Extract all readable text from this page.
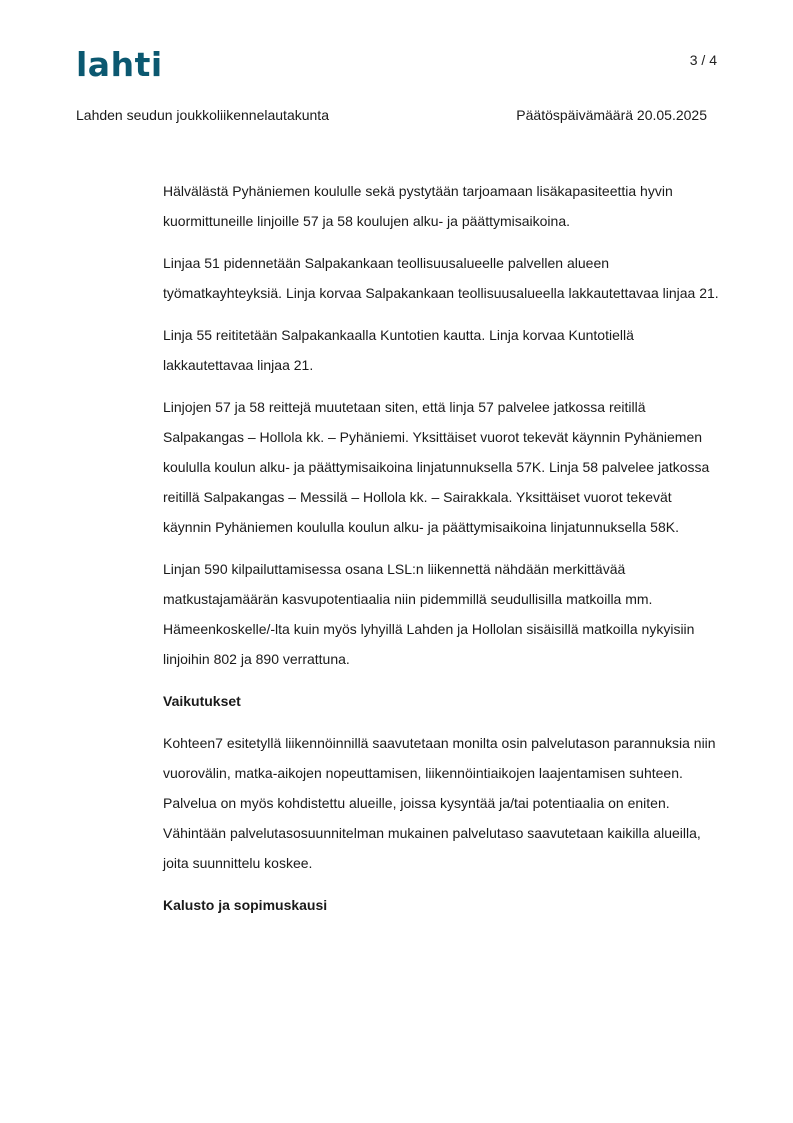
lahti	3 / 4
Lahden seudun joukkoliikennelautakunta	Päätöspäivämäärä 20.05.2025

Hälvälästä Pyhäniemen koululle sekä pystytään tarjoamaan lisäkapasiteettia hyvin kuormittuneille linjoille 57 ja 58 koulujen alku- ja päättymisaikoina.

Linjaa 51 pidennetään Salpakankaan teollisuusalueelle palvellen alueen työmatkayhteyksiä. Linja korvaa Salpakankaan teollisuusalueella lakkautettavaa linjaa 21.

Linja 55 reititetään Salpakankaalla Kuntotien kautta. Linja korvaa Kuntotiellä lakkautettavaa linjaa 21.

Linjojen 57 ja 58 reittejä muutetaan siten, että linja 57 palvelee jatkossa reitillä Salpakangas – Hollola kk. – Pyhäniemi. Yksittäiset vuorot tekevät käynnin Pyhäniemen koululla koulun alku- ja päättymisaikoina linjatunnuksella 57K. Linja 58 palvelee jatkossa reitillä Salpakangas – Messilä – Hollola kk. – Sairakkala. Yksittäiset vuorot tekevät käynnin Pyhäniemen koululla koulun alku- ja päättymisaikoina linjatunnuksella 58K.

Linjan 590 kilpailuttamisessa osana LSL:n liikennettä nähdään merkittävää matkustajamäärän kasvupotentiaalia niin pidemmillä seudullisilla matkoilla mm. Hämeenkoskelle/-lta kuin myös lyhyillä Lahden ja Hollolan sisäisillä matkoilla nykyisiin linjoihin 802 ja 890 verrattuna.

Vaikutukset

Kohteen7 esitetyllä liikennöinnillä saavutetaan monilta osin palvelutason parannuksia niin vuorovälin, matka-aikojen nopeuttamisen, liikennöintiaikojen laajentamisen suhteen. Palvelua on myös kohdistettu alueille, joissa kysyntää ja/tai potentiaalia on eniten. Vähintään palvelutasosuunnitelman mukainen palvelutaso saavutetaan kaikilla alueilla, joita suunnittelu koskee.

Kalusto ja sopimuskausi
